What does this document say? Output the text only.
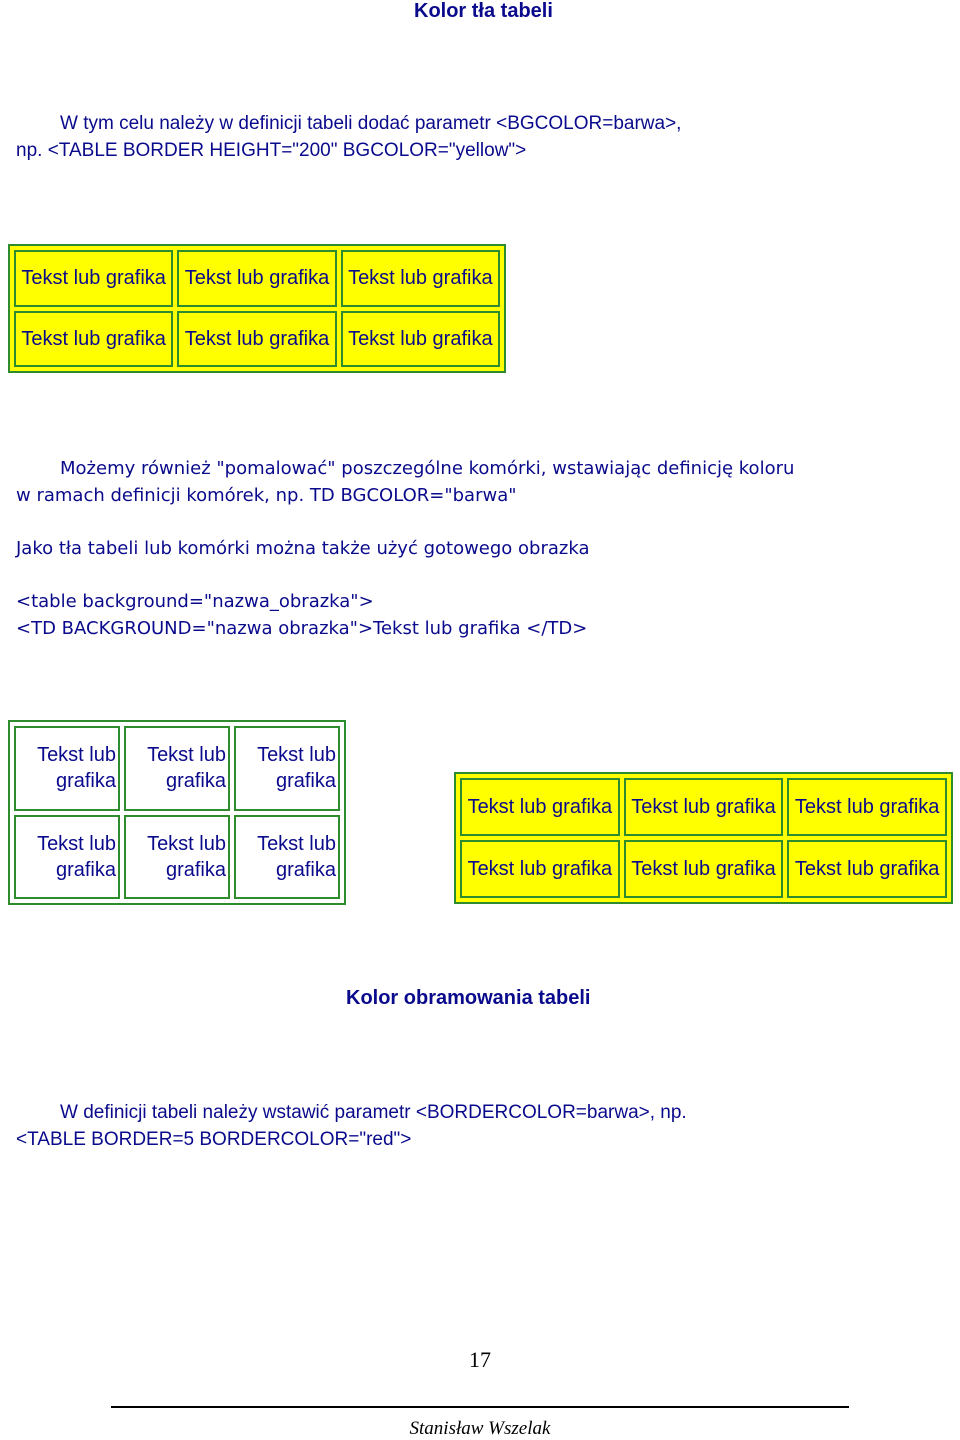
Kolor tła tabeli
W tym celu należy w definicji tabeli dodać parametr <BGCOLOR=barwa>,
np. <TABLE BORDER HEIGHT="200" BGCOLOR="yellow">
Tekst lub grafika	Tekst lub grafika	Tekst lub grafika
Tekst lub grafika	Tekst lub grafika	Tekst lub grafika
Możemy również "pomalować" poszczególne komórki, wstawiając definicję koloru
w ramach definicji komórek, np. TD BGCOLOR="barwa"
Jako tła tabeli lub komórki można także użyć gotowego obrazka
<table background="nazwa_obrazka">
<TD BACKGROUND="nazwa obrazka">Tekst lub grafika </TD>
Tekst lub grafika	Tekst lub grafika	Tekst lub grafika
Tekst lub grafika	Tekst lub grafika	Tekst lub grafika
Tekst lub grafika	Tekst lub grafika	Tekst lub grafika
Tekst lub grafika	Tekst lub grafika	Tekst lub grafika
Kolor obramowania tabeli
W definicji tabeli należy wstawić parametr <BORDERCOLOR=barwa>, np.
<TABLE BORDER=5 BORDERCOLOR="red">
17
Stanisław Wszelak
